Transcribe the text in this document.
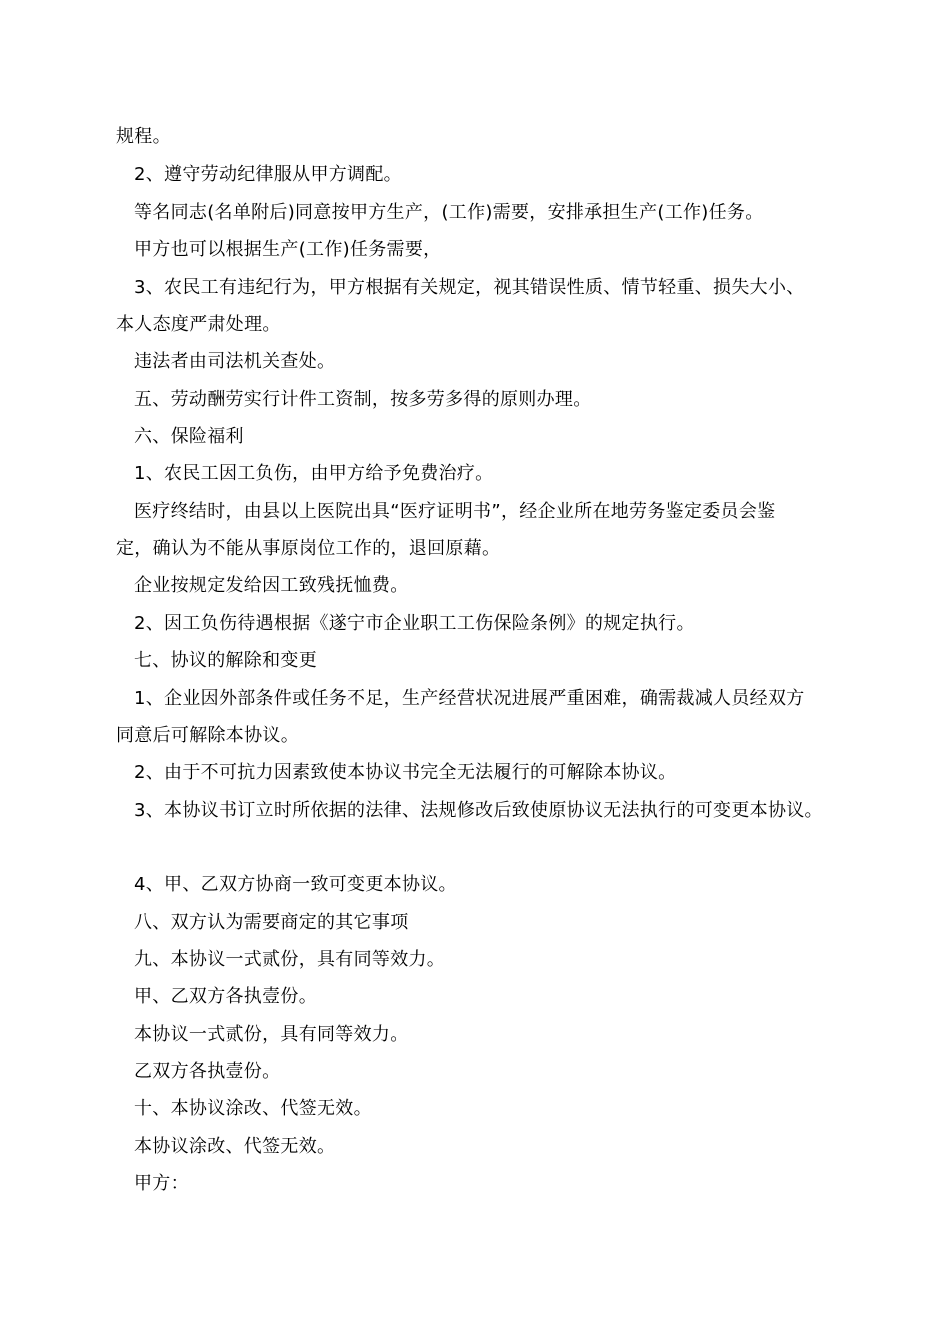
规程。
2、遵守劳动纪律服从甲方调配。
等名同志(名单附后)同意按甲方生产，(工作)需要，安排承担生产(工作)任务。
甲方也可以根据生产(工作)任务需要，
3、农民工有违纪行为，甲方根据有关规定，视其错误性质、情节轻重、损失大小、
本人态度严肃处理。
违法者由司法机关查处。
五、劳动酬劳实行计件工资制，按多劳多得的原则办理。
六、保险福利
1、农民工因工负伤，由甲方给予免费治疗。
医疗终结时，由县以上医院出具“医疗证明书”，经企业所在地劳务鉴定委员会鉴
定，确认为不能从事原岗位工作的，退回原藉。
企业按规定发给因工致残抚恤费。
2、因工负伤待遇根据《遂宁市企业职工工伤保险条例》的规定执行。
七、协议的解除和变更
1、企业因外部条件或任务不足，生产经营状况进展严重困难，确需裁减人员经双方
同意后可解除本协议。
2、由于不可抗力因素致使本协议书完全无法履行的可解除本协议。
3、本协议书订立时所依据的法律、法规修改后致使原协议无法执行的可变更本协议。
4、甲、乙双方协商一致可变更本协议。
八、双方认为需要商定的其它事项
九、本协议一式贰份，具有同等效力。
甲、乙双方各执壹份。
本协议一式贰份，具有同等效力。
乙双方各执壹份。
十、本协议涂改、代签无效。
本协议涂改、代签无效。
甲方：
